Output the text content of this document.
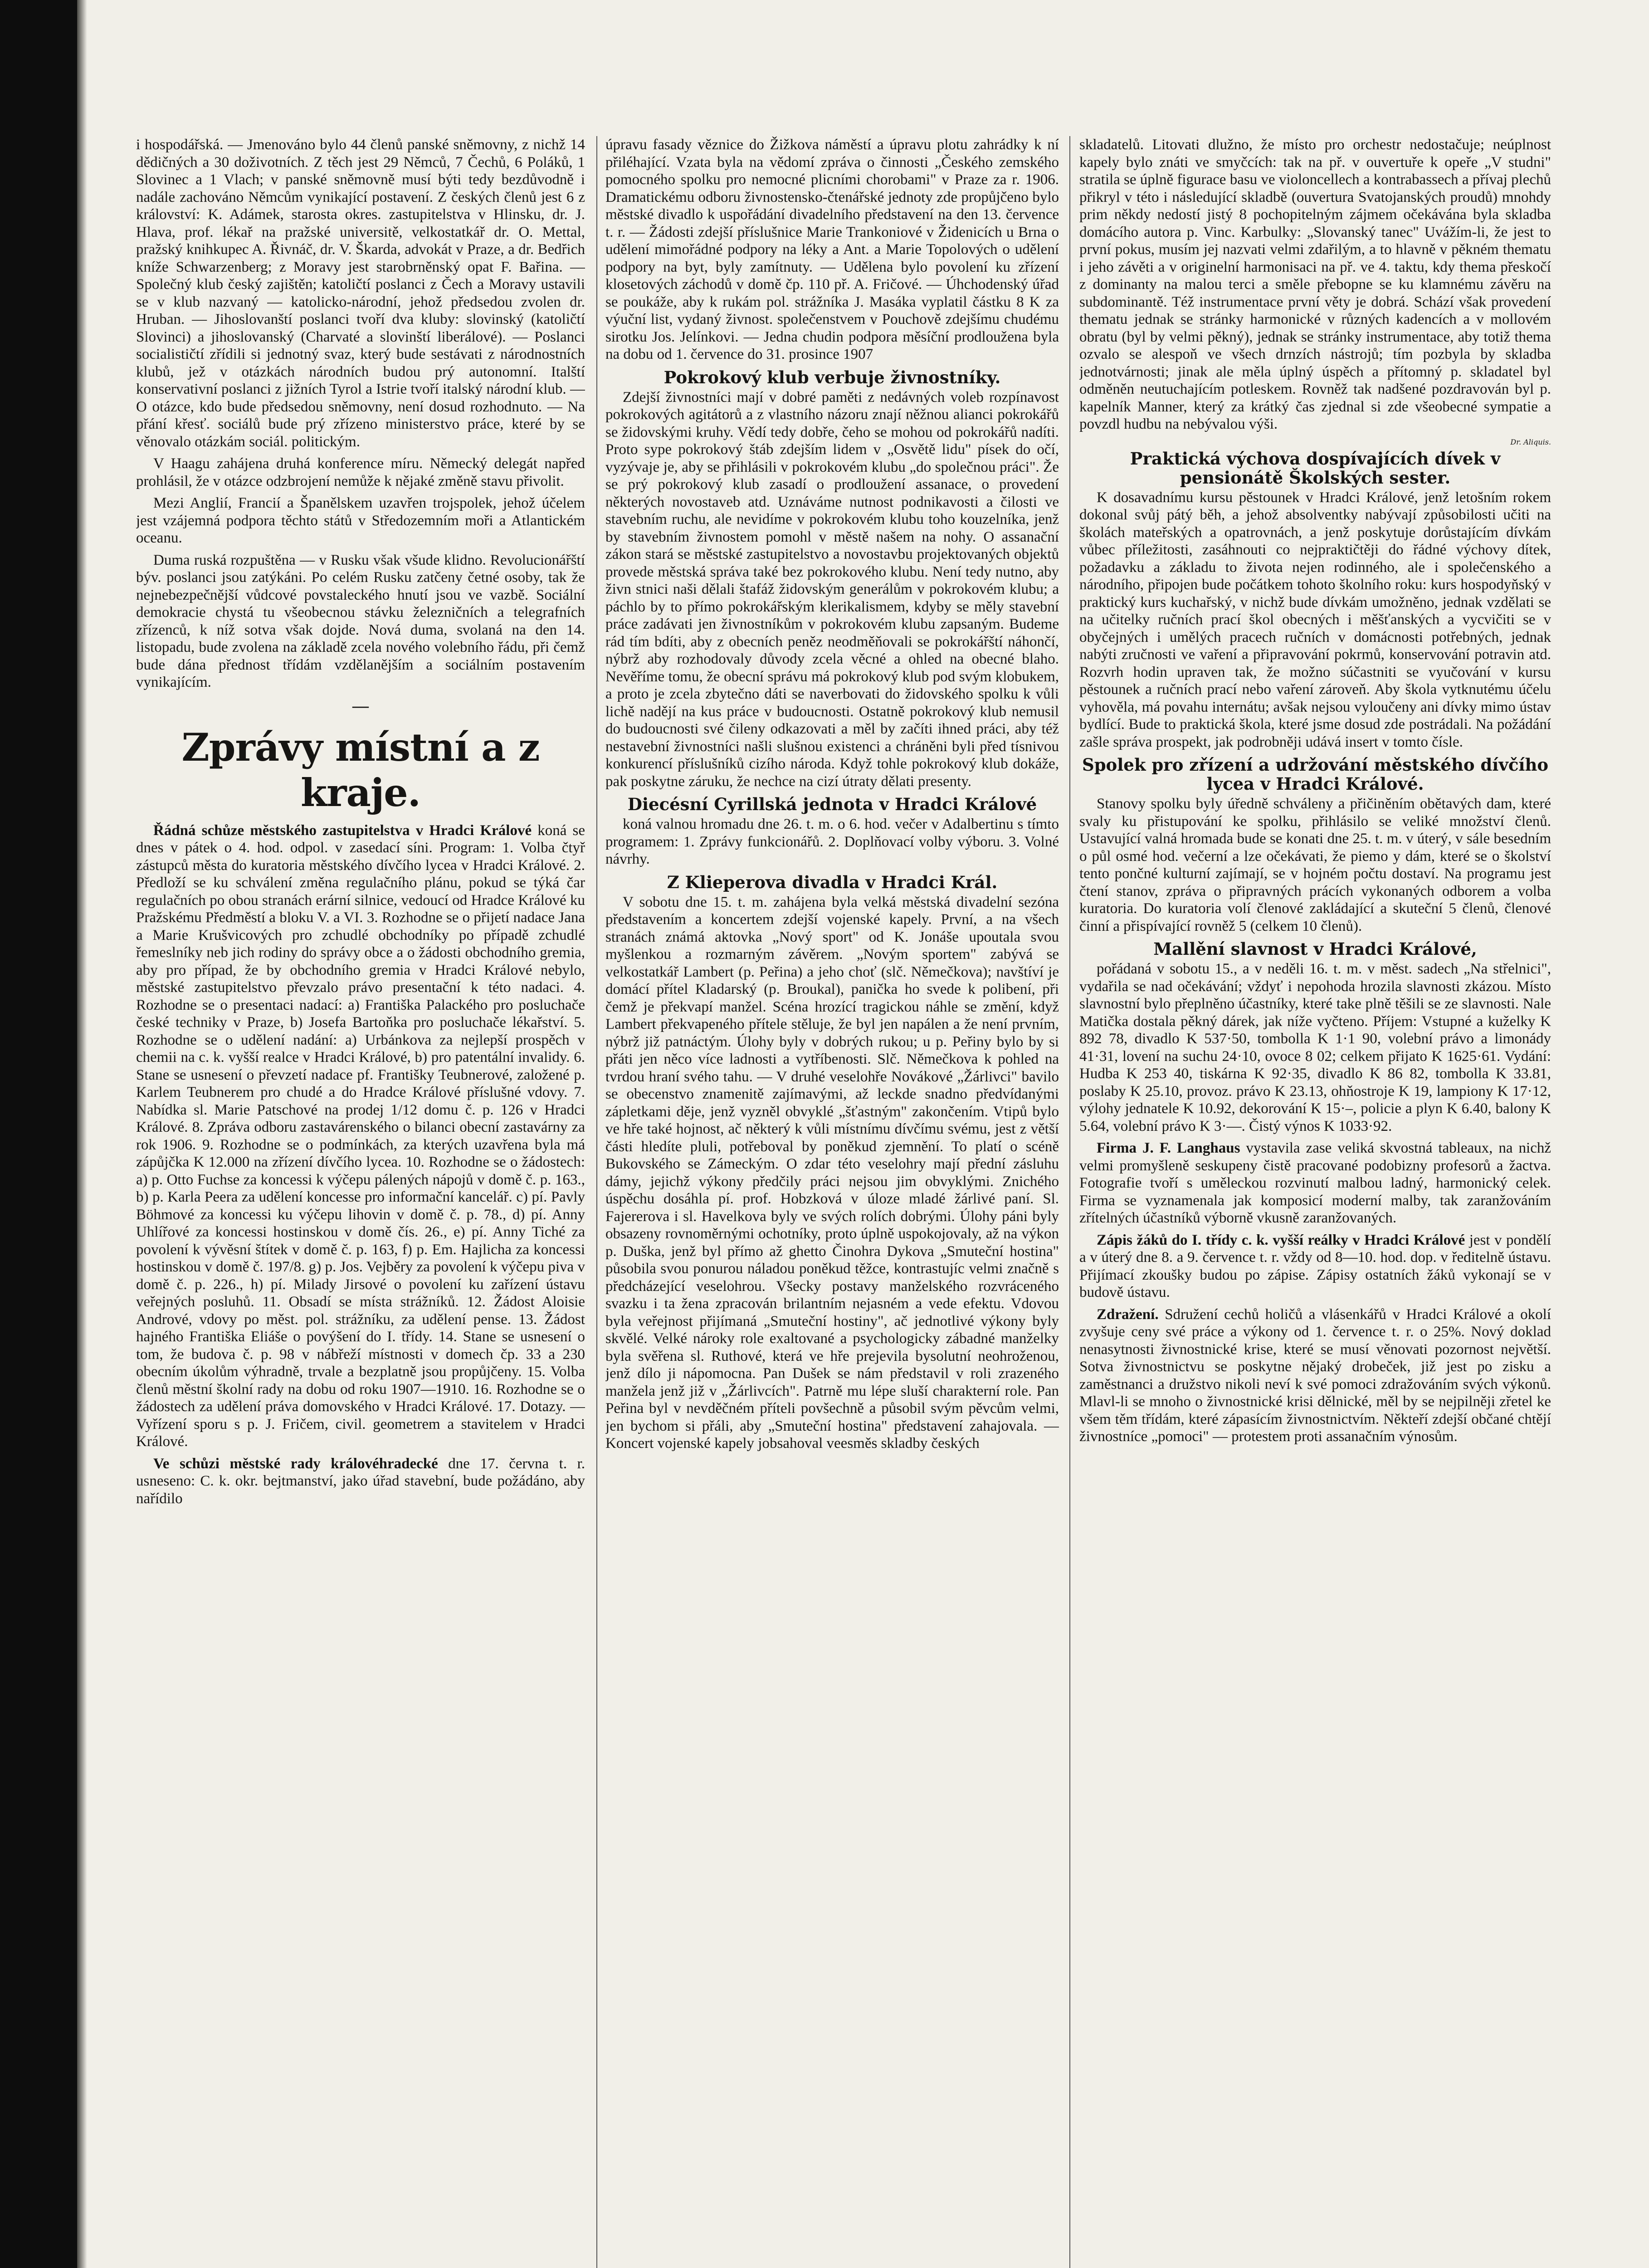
i hospodářská. — Jmenováno bylo 44 členů panské sněmovny, z nichž 14 dědičných a 30 doživotních. Z těch jest 29 Němců, 7 Čechů, 6 Poláků, 1 Slovinec a 1 Vlach; v panské sněmovně musí býti tedy bezdůvodně i nadále zachováno Němcům vynikající postavení. Z českých členů jest 6 z království: K. Adámek, starosta okres. zastupitelstva v Hlinsku, dr. J. Hlava, prof. lékař na pražské universitě, velkostatkář dr. O. Mettal, pražský knihkupec A. Řivnáč, dr. V. Škarda, advokát v Praze, a dr. Bedřich kníže Schwarzenberg; z Moravy jest starobrněnský opat F. Bařina. — Společný klub český zajištěn; katoličtí poslanci z Čech a Moravy ustavili se v klub nazvaný — katolicko-národní, jehož předsedou zvolen dr. Hruban. — Jihoslovanští poslanci tvoří dva kluby: slovinský (katoličtí Slovinci) a jihoslovanský (Charvaté a slovinští liberálové). — Poslanci socialističtí zřídili si jednotný svaz, který bude sestávati z národnostních klubů, jež v otázkách národních budou prý autonomní. Italští konservativní poslanci z jižních Tyrol a Istrie tvoří italský národní klub. — O otázce, kdo bude předsedou sněmovny, není dosud rozhodnuto. — Na přání křesť. sociálů bude prý zřízeno ministerstvo práce, které by se věnovalo otázkám sociál. politickým.

V Haagu zahájena druhá konference míru. Německý delegát napřed prohlásil, že v otázce odzbrojení nemůže k nějaké změně stavu přivolit.

Mezi Anglií, Francií a Španělskem uzavřen trojspolek, jehož účelem jest vzájemná podpora těchto států v Středozemním moři a Atlantickém oceanu.

Duma ruská rozpuštěna — v Rusku však všude klidno. Revolucionářští býv. poslanci jsou zatýkáni. Po celém Rusku zatčeny četné osoby, tak že nejnebezpečnější vůdcové povstaleckého hnutí jsou ve vazbě. Sociální demokracie chystá tu všeobecnou stávku železničních a telegrafních zřízenců, k níž sotva však dojde. Nová duma, svolaná na den 14. listopadu, bude zvolena na základě zcela nového volebního řádu, při čemž bude dána přednost třídám vzdělanějším a sociálním postavením vynikajícím.

—
Zprávy místní a z kraje.

Řádná schůze městského zastupitelstva v Hradci Králové koná se dnes v pátek o 4. hod. odpol. v zasedací síni. Program: 1. Volba čtyř zástupců města do kuratoria městského dívčího lycea v Hradci Králové. 2. Předloží se ku schválení změna regulačního plánu, pokud se týká čar regulačních po obou stranách erární silnice, vedoucí od Hradce Králové ku Pražskému Předměstí a bloku V. a VI. 3. Rozhodne se o přijetí nadace Jana a Marie Krušvicových pro zchudlé obchodníky po případě zchudlé řemeslníky neb jich rodiny do správy obce a o žádosti obchodního gremia, aby pro případ, že by obchodního gremia v Hradci Králové nebylo, městské zastupitelstvo převzalo právo presentační k této nadaci. 4. Rozhodne se o presentaci nadací: a) Františka Palackého pro posluchače české techniky v Praze, b) Josefa Bartoňka pro posluchače lékařství. 5. Rozhodne se o udělení nadání: a) Urbánkova za nejlepší prospěch v chemii na c. k. vyšší realce v Hradci Králové, b) pro patentální invalidy. 6. Stane se usnesení o převzetí nadace pf. Františky Teubnerové, založené p. Karlem Teubnerem pro chudé a do Hradce Králové příslušné vdovy. 7. Nabídka sl. Marie Patschové na prodej 1/12 domu č. p. 126 v Hradci Králové. 8. Zpráva odboru zastavárenského o bilanci obecní zastavárny za rok 1906. 9. Rozhodne se o podmínkách, za kterých uzavřena byla má zápůjčka K 12.000 na zřízení dívčího lycea. 10. Rozhodne se o žádostech: a) p. Otto Fuchse za koncessi k výčepu pálených nápojů v domě č. p. 163., b) p. Karla Peera za udělení koncesse pro informační kancelář. c) pí. Pavly Böhmové za koncessi ku výčepu lihovin v domě č. p. 78., d) pí. Anny Uhlířové za koncessi hostinskou v domě čís. 26., e) pí. Anny Tiché za povolení k vývěsní štítek v domě č. p. 163, f) p. Em. Hajlicha za koncessi hostinskou v domě č. 197/8. g) p. Jos. Vejběry za povolení k výčepu piva v domě č. p. 226., h) pí. Milady Jirsové o povolení ku zařízení ústavu veřejných posluhů. 11. Obsadí se místa strážníků. 12. Žádost Aloisie Andrové, vdovy po měst. pol. strážníku, za udělení pense. 13. Žádost hajného Františka Eliáše o povýšení do I. třídy. 14. Stane se usnesení o tom, že budova č. p. 98 v nábřeží místnosti v domech čp. 33 a 230 obecním úkolům výhradně, trvale a bezplatně jsou propůjčeny. 15. Volba členů městní školní rady na dobu od roku 1907—1910. 16. Rozhodne se o žádostech za udělení práva domovského v Hradci Králové. 17. Dotazy. — Vyřízení sporu s p. J. Fričem, civil. geometrem a stavitelem v Hradci Králové.

Ve schůzi městské rady královéhradecké dne 17. června t. r. usneseno: C. k. okr. bejtmanství, jako úřad stavební, bude požádáno, aby nařídilo

úpravu fasady věznice do Žižkova náměstí a úpravu plotu zahrádky k ní přiléhající. Vzata byla na vědomí zpráva o činnosti „Českého zemského pomocného spolku pro nemocné plicními chorobami" v Praze za r. 1906. Dramatickému odboru živnostensko-čtenářské jednoty zde propůjčeno bylo městské divadlo k uspořádání divadelního představení na den 13. července t. r. — Žádosti zdejší příslušnice Marie Trankoniové v Židenicích u Brna o udělení mimořádné podpory na léky a Ant. a Marie Topolových o udělení podpory na byt, byly zamítnuty. — Udělena bylo povolení ku zřízení klosetových záchodů v domě čp. 110 př. A. Fričové. — Úhchodenský úřad se poukáže, aby k rukám pol. strážníka J. Masáka vyplatil částku 8 K za výuční list, vydaný živnost. společenstvem v Pouchově zdejšímu chudému sirotku Jos. Jelínkovi. — Jedna chudin podpora měsíční prodloužena byla na dobu od 1. července do 31. prosince 1907

Pokrokový klub verbuje živnostníky.

Zdejší živnostníci mají v dobré paměti z nedávných voleb rozpínavost pokrokových agitátorů a z vlastního názoru znají něžnou alianci pokrokářů se židovskými kruhy. Vědí tedy dobře, čeho se mohou od pokrokářů nadíti. Proto sype pokrokový štáb zdejším lidem v „Osvětě lidu" písek do očí, vyzývaje je, aby se přihlásili v pokrokovém klubu „do společnou práci". Že se prý pokrokový klub zasadí o prodloužení assanace, o provedení některých novostaveb atd. Uznáváme nutnost podnikavosti a čilosti ve stavebním ruchu, ale nevidíme v pokrokovém klubu toho kouzelníka, jenž by stavebním živnostem pomohl v městě našem na nohy. O assanační zákon stará se městské zastupitelstvo a novostavbu projektovaných objektů provede městská správa také bez pokrokového klubu. Není tedy nutno, aby živn stnici naši dělali štafáž židovským generálům v pokrokovém klubu; a páchlo by to přímo pokrokářským klerikalismem, kdyby se měly stavební práce zadávati jen živnostníkům v pokrokovém klubu zapsaným. Budeme rád tím bdíti, aby z obecních peněz neodměňovali se pokrokářští náhončí, nýbrž aby rozhodovaly důvody zcela věcné a ohled na obecné blaho. Nevěříme tomu, že obecní správu má pokrokový klub pod svým klobukem, a proto je zcela zbytečno dáti se naverbovati do židovského spolku k vůli lichě nadějí na kus práce v budoucnosti. Ostatně pokrokový klub nemusil do budoucnosti své čileny odkazovati a měl by začíti ihned práci, aby též nestavební živnostníci našli slušnou existenci a chráněni byli před tísnivou konkurencí příslušníků cizího národa. Když tohle pokrokový klub dokáže, pak poskytne záruku, že nechce na cizí útraty dělati presenty.

Diecésní Cyrillská jednota v Hradci Králové

koná valnou hromadu dne 26. t. m. o 6. hod. večer v Adalbertinu s tímto programem: 1. Zprávy funkcionářů. 2. Doplňovací volby výboru. 3. Volné návrhy.

Z Klieperova divadla v Hradci Král.

V sobotu dne 15. t. m. zahájena byla velká městská divadelní sezóna představením a koncertem zdejší vojenské kapely. První, a na všech stranách známá aktovka „Nový sport" od K. Jonáše upoutala svou myšlenkou a rozmarným závěrem. „Novým sportem" zabývá se velkostatkář Lambert (p. Peřina) a jeho choť (slč. Němečkova); navštíví je domácí přítel Kladarský (p. Broukal), panička ho svede k polibení, při čemž je překvapí manžel. Scéna hrozící tragickou náhle se změní, když Lambert překvapeného přítele stěluje, že byl jen napálen a že není prvním, nýbrž již patnáctým. Úlohy byly v dobrých rukou; u p. Peřiny bylo by si přáti jen něco více ladnosti a vytříbenosti. Slč. Němečkova k pohled na tvrdou hraní svého tahu. — V druhé veselohře Novákové „Žárlivci" bavilo se obecenstvo znamenitě zajímavými, až leckde snadno předvídanými zápletkami děje, jenž vyzněl obvyklé „šťastným" zakončením. Vtipů bylo ve hře také hojnost, ač některý k vůli místnímu dívčímu svému, jest z větší části hledíte pluli, potřeboval by poněkud zjemnění. To platí o scéně Bukovského se Zámeckým. O zdar této veselohry mají přední zásluhu dámy, jejichž výkony předčily práci nejsou jim obvyklými. Znichého úspěchu dosáhla pí. prof. Hobzková v úloze mladé žárlivé paní. Sl. Fajererova i sl. Havelkova byly ve svých rolích dobrými. Úlohy páni byly obsazeny rovnoměrnými ochotníky, proto úplně uspokojovaly, až na výkon p. Duška, jenž byl přímo až ghetto Činohra Dykova „Smuteční hostina" působila svou ponurou náladou poněkud těžce, kontrastujíc velmi značně s předcházející veselohrou. Všecky postavy manželského rozvráceného svazku i ta žena zpracován brilantním nejasném a vede efektu. Vdovou byla veřejnost přijímaná „Smuteční hostiny", ač jednotlivé výkony byly skvělé. Velké nároky role exaltované a psychologicky zábadné manželky byla svěřena sl. Ruthové, která ve hře prejevila bysolutní neohroženou, jenž dílo ji nápomocna. Pan Dušek se nám představil v roli zrazeného manžela jenž již v „Žárlivcích". Patrně mu lépe sluší charakterní role. Pan Peřina byl v nevděčném příteli povšechně a působil svým pěvcům velmi, jen bychom si přáli, aby „Smuteční hostina" představení zahajovala. — Koncert vojenské kapely jobsahoval veesměs skladby českých

skladatelů. Litovati dlužno, že místo pro orchestr nedostačuje; neúplnost kapely bylo znáti ve smyčcích: tak na př. v ouvertuře k opeře „V studni" stratila se úplně figurace basu ve violoncellech a kontrabassech a přívaj plechů přikryl v této i následující skladbě (ouvertura Svatojanských proudů) mnohdy prim někdy nedostí jistý 8 pochopitelným zájmem očekávána byla skladba domácího autora p. Vinc. Karbulky: „Slovanský tanec" Uvážím-li, že jest to první pokus, musím jej nazvati velmi zdařilým, a to hlavně v pěkném thematu i jeho závěti a v originelní harmonisaci na př. ve 4. taktu, kdy thema přeskočí z dominanty na malou terci a směle přebopne se ku klamnému závěru na subdominantě. Též instrumentace první věty je dobrá. Schází však provedení thematu jednak se stránky harmonické v různých kadencích a v mollovém obratu (byl by velmi pěkný), jednak se stránky instrumentace, aby totiž thema ozvalo se alespoň ve všech drnzích nástrojů; tím pozbyla by skladba jednotvárnosti; jinak ale měla úplný úspěch a přítomný p. skladatel byl odměněn neutuchajícím potleskem. Rovněž tak nadšené pozdravován byl p. kapelník Manner, který za krátký čas zjednal si zde všeobecné sympatie a povzdl hudbu na nebývalou výši.

Dr. Aliquis.
Praktická výchova dospívajících dívek v pensionátě Školských sester.

K dosavadnímu kursu pěstounek v Hradci Králové, jenž letošním rokem dokonal svůj pátý běh, a jehož absolventky nabývají způsobilosti učiti na školách mateřských a opatrovnách, a jenž poskytuje dorůstajícím dívkám vůbec příležitosti, zasáhnouti co nejpraktičtěji do řádné výchovy dítek, požadavku a základu to života nejen rodinného, ale i společenského a národního, připojen bude počátkem tohoto školního roku: kurs hospodyňský v praktický kurs kuchařský, v nichž bude dívkám umožněno, jednak vzdělati se na učitelky ručních prací škol obecných i měšťanských a vycvičiti se v obyčejných i umělých pracech ručních v domácnosti potřebných, jednak nabýti zručnosti ve vaření a připravování pokrmů, konservování potravin atd. Rozvrh hodin upraven tak, že možno súčastniti se vyučování v kursu pěstounek a ručních prací nebo vaření zároveň. Aby škola vytknutému účelu vyhověla, má povahu internátu; avšak nejsou vyloučeny ani dívky mimo ústav bydlící. Bude to praktická škola, které jsme dosud zde postrádali. Na požádání zašle správa prospekt, jak podrobněji udává insert v tomto čísle.

Spolek pro zřízení a udržování městského dívčího lycea v Hradci Králové.

Stanovy spolku byly úředně schváleny a přičiněním obětavých dam, které svaly ku přistupování ke spolku, přihlásilo se veliké množství členů. Ustavující valná hromada bude se konati dne 25. t. m. v úterý, v sále besedním o půl osmé hod. večerní a lze očekávati, že piemo y dám, které se o školství tento pončné kulturní zajímají, se v hojném počtu dostaví. Na programu jest čtení stanov, zpráva o připravných prácích vykonaných odborem a volba kuratoria. Do kuratoria volí členové zakládající a skuteční 5 členů, členové činní a přispívající rovněž 5 (celkem 10 členů).

Mallění slavnost v Hradci Králové,

pořádaná v sobotu 15., a v neděli 16. t. m. v měst. sadech „Na střelnici", vydařila se nad očekávání; vždyť i nepohoda hrozila slavnosti zkázou. Místo slavnostní bylo přeplněno účastníky, které take plně těšili se ze slavnosti. Nale Matička dostala pěkný dárek, jak níže vyčteno. Příjem: Vstupné a kuželky K 892 78, divadlo K 537·50, tombolla K 1·1 90, volební právo a limonády 41·31, lovení na suchu 24·10, ovoce 8 02; celkem přijato K 1625·61. Vydání: Hudba K 253 40, tiskárna K 92·35, divadlo K 86 82, tombolla K 33.81, poslaby K 25.10, provoz. právo K 23.13, ohňostroje K 19, lampiony K 17·12, výlohy jednatele K 10.92, dekorování K 15·–, policie a plyn K 6.40, balony K 5.64, volební právo K 3·—. Čistý výnos K 1033·92.

Firma J. F. Langhaus vystavila zase veliká skvostná tableaux, na nichž velmi promyšleně seskupeny čistě pracované podobizny profesorů a žactva. Fotografie tvoří s uměleckou rozvinutí malbou ladný, harmonický celek. Firma se vyznamenala jak komposicí moderní malby, tak zaranžováním zřítelných účastníků výborně vkusně zaranžovaných.

Zápis žáků do I. třídy c. k. vyšší reálky v Hradci Králové jest v pondělí a v úterý dne 8. a 9. července t. r. vždy od 8—10. hod. dop. v ředitelně ústavu. Přijímací zkoušky budou po zápise. Zápisy ostatních žáků vykonají se v budově ústavu.

Zdražení. Sdružení cechů holičů a vlásenkářů v Hradci Králové a okolí zvyšuje ceny své práce a výkony od 1. července t. r. o 25%. Nový doklad nenasytnosti živnostnické krise, které se musí věnovati pozornost největší. Sotva živnostnictvu se poskytne nějaký drobeček, již jest po zisku a zaměstnanci a družstvo nikoli neví k své pomoci zdražováním svých výkonů. Mlavl-li se mnoho o živnostnické krisi dělnické, měl by se nejpilněji zřetel ke všem těm třídám, které zápasícím živnostnictvím. Někteří zdejší občané chtějí živnostníce „pomoci" — protestem proti assanačním výnosům.
